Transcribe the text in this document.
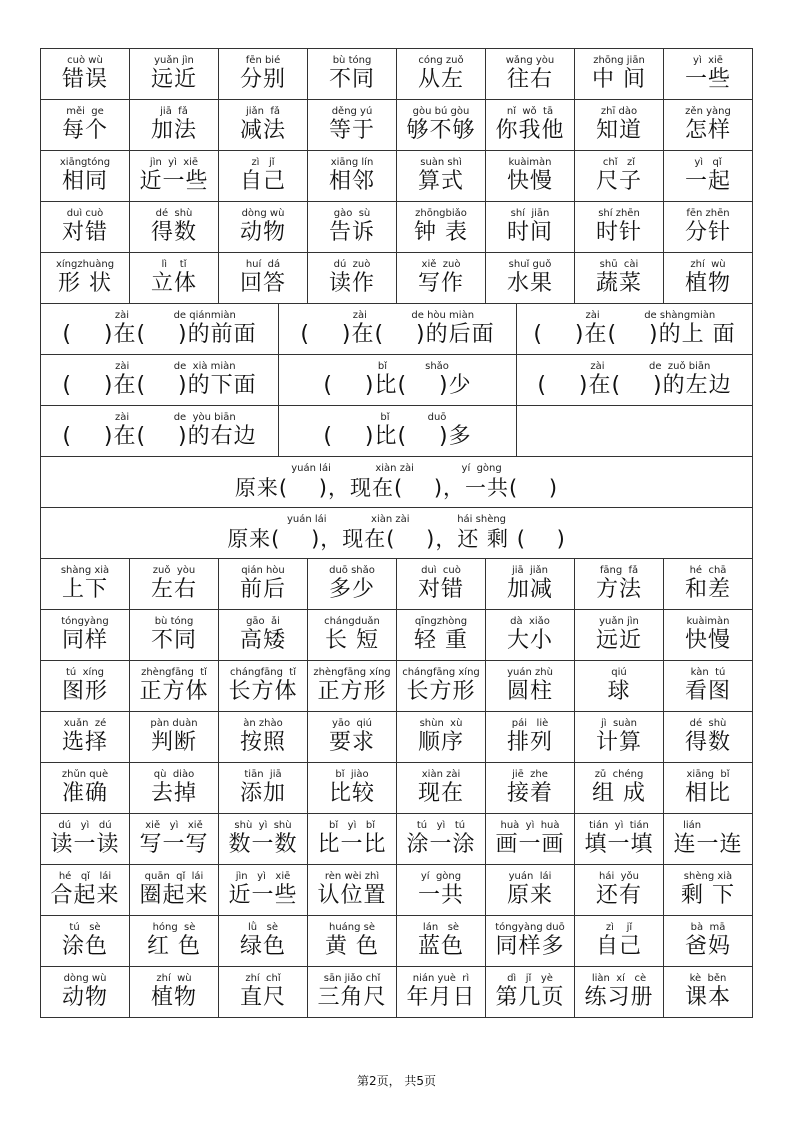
cuò wù
错误
yuǎn jìn
远近
fēn bié
分别
bù tóng
不同
cóng zuǒ
从左
wǎng yòu
往右
zhōng jiān
中 间
yì  xiē
一些
měi  ge
每个
jiā  fǎ
加法
jiǎn  fǎ
减法
děng yú
等于
gòu bú gòu
够不够
nǐ  wǒ  tā
你我他
zhī dào
知道
zěn yàng
怎样
xiāngtóng
相同
jìn  yì  xiē
近一些
zì   jǐ
自己
xiāng lín
相邻
suàn shì
算式
kuàimàn
快慢
chǐ   zǐ
尺子
yì   qǐ
一起
duì cuò
对错
dé  shù
得数
dòng wù
动物
gào  sù
告诉
zhōngbiǎo
钟 表
shí  jiān
时间
shí zhēn
时针
fēn zhēn
分针
xíngzhuàng
形 状
lì    tǐ
立体
huí  dá
回答
dú  zuò
读作
xiě  zuò
写作
shuǐ guǒ
水果
shū  cài
蔬菜
zhí  wù
植物
zài              de qiánmiàn
(    )在(    )的前面
zài              de hòu miàn
(    )在(    )的后面
zài              de shàngmiàn
(    )在(    )的上 面
zài              de  xià miàn
(    )在(    )的下面
bǐ            shǎo
(    )比(    )少
zài              de  zuǒ biān
(    )在(    )的左边
zài              de  yòu biān
(    )在(    )的右边
bǐ            duō
(    )比(    )多
yuán lái              xiàn zài               yí  gòng
原来(    )，现在(    )，一共(    )
yuán lái              xiàn zài               hái shèng
原来(    )，现在(    )，还 剩 (    )
shàng xià
上下
zuǒ  yòu
左右
qián hòu
前后
duō shǎo
多少
duì  cuò
对错
jiā  jiǎn
加减
fāng  fǎ
方法
hé  chā
和差
tóngyàng
同样
bù tóng
不同
gāo  ǎi
高矮
chángduǎn
长 短
qīngzhòng
轻 重
dà  xiǎo
大小
yuǎn jìn
远近
kuàimàn
快慢
tú  xíng
图形
zhèngfāng  tǐ
正方体
chángfāng  tǐ
长方体
zhèngfāng xíng
正方形
chángfāng xíng
长方形
yuán zhù
圆柱
qiú
球
kàn  tú
看图
xuǎn  zé
选择
pàn duàn
判断
àn zhào
按照
yāo  qiú
要求
shùn  xù
顺序
pái   liè
排列
jì  suàn
计算
dé  shù
得数
zhǔn què
准确
qù  diào
去掉
tiān  jiā
添加
bǐ  jiào
比较
xiàn zài
现在
jiē  zhe
接着
zǔ  chéng
组 成
xiāng  bǐ
相比
dú   yì   dú
读一读
xiě   yì   xiě
写一写
shù  yì  shù
数一数
bǐ   yì   bǐ
比一比
tú   yì   tú
涂一涂
huà  yì  huà
画一画
tián  yì  tián
填一填
lián
连一连
hé   qǐ   lái
合起来
quān  qǐ  lái
圈起来
jìn   yì   xiē
近一些
rèn wèi zhì
认位置
yí  gòng
一共
yuán  lái
原来
hái  yǒu
还有
shèng xià
剩 下
tú   sè
涂色
hóng  sè
红 色
lǜ   sè
绿色
huáng sè
黄 色
lán   sè
蓝色
tóngyàng duō
同样多
zì    jǐ
自己
bà  mā
爸妈
dòng wù
动物
zhí  wù
植物
zhí  chǐ
直尺
sān jiǎo chǐ
三角尺
nián yuè  rì
年月日
dì   jǐ   yè
第几页
liàn  xí   cè
练习册
kè  běn
课本
第2页， 共5页
